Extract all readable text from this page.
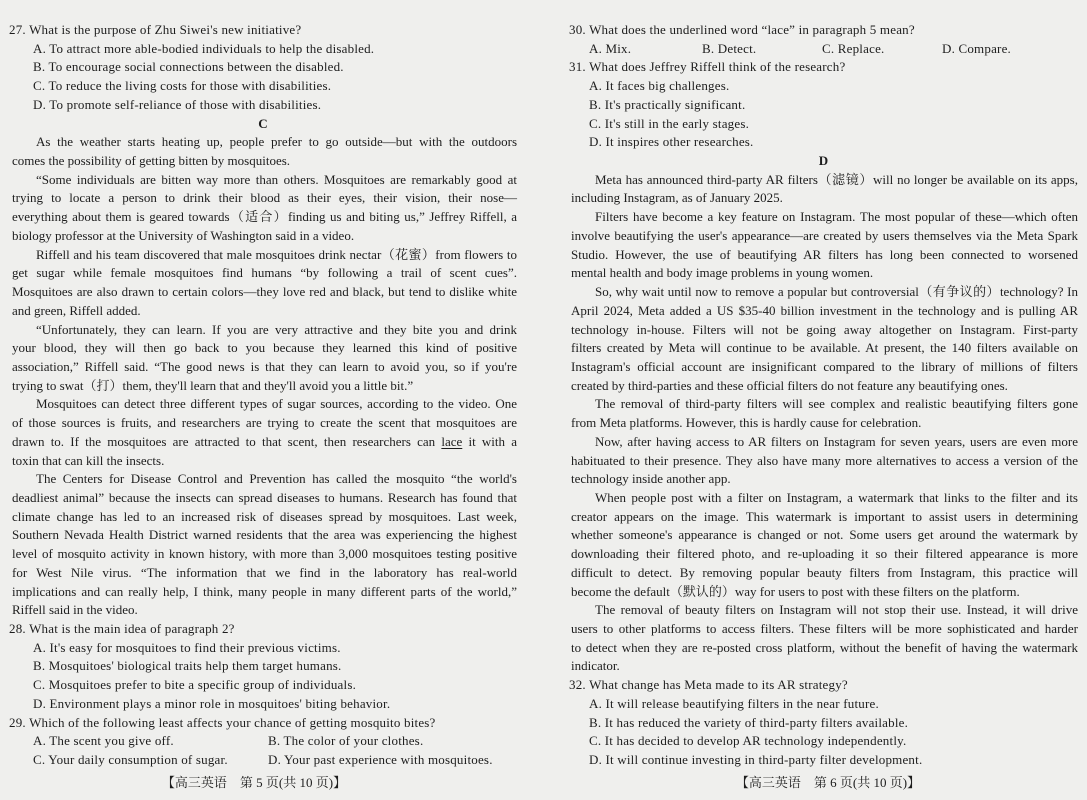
27. What is the purpose of Zhu Siwei's new initiative?
A. To attract more able-bodied individuals to help the disabled.
B. To encourage social connections between the disabled.
C. To reduce the living costs for those with disabilities.
D. To promote self-reliance of those with disabilities.
C
As the weather starts heating up, people prefer to go outside—but with the outdoors
comes the possibility of getting bitten by mosquitoes.
“Some individuals are bitten way more than others. Mosquitoes are remarkably good at
trying to locate a person to drink their blood as their eyes, their vision, their nose—
everything about them is geared towards（适合）finding us and biting us,” Jeffrey Riffell, a
biology professor at the University of Washington said in a video.
Riffell and his team discovered that male mosquitoes drink nectar（花蜜）from flowers to
get sugar while female mosquitoes find humans “by following a trail of scent cues”.
Mosquitoes are also drawn to certain colors—they love red and black, but tend to dislike white
and green, Riffell added.
“Unfortunately, they can learn. If you are very attractive and they bite you and drink
your blood, they will then go back to you because they learned this kind of positive
association,” Riffell said. “The good news is that they can learn to avoid you, so if you're
trying to swat（打）them, they'll learn that and they'll avoid you a little bit.”
Mosquitoes can detect three different types of sugar sources, according to the video. One
of those sources is fruits, and researchers are trying to create the scent that mosquitoes are
drawn to. If the mosquitoes are attracted to that scent, then researchers can lace it with a
toxin that can kill the insects.
The Centers for Disease Control and Prevention has called the mosquito “the world's
deadliest animal” because the insects can spread diseases to humans. Research has found that
climate change has led to an increased risk of diseases spread by mosquitoes. Last week,
Southern Nevada Health District warned residents that the area was experiencing the highest
level of mosquito activity in known history, with more than 3,000 mosquitoes testing positive
for West Nile virus. “The information that we find in the laboratory has real-world
implications and can really help, I think, many people in many different parts of the world,”
Riffell said in the video.
28. What is the main idea of paragraph 2?
A. It's easy for mosquitoes to find their previous victims.
B. Mosquitoes' biological traits help them target humans.
C. Mosquitoes prefer to bite a specific group of individuals.
D. Environment plays a minor role in mosquitoes' biting behavior.
29. Which of the following least affects your chance of getting mosquito bites?
A. The scent you give off.	B. The color of your clothes.
C. Your daily consumption of sugar.	D. Your past experience with mosquitoes.
【高三英语　第 5 页(共 10 页)】
30. What does the underlined word “lace” in paragraph 5 mean?
A. Mix.	B. Detect.	C. Replace.	D. Compare.
31. What does Jeffrey Riffell think of the research?
A. It faces big challenges.
B. It's practically significant.
C. It's still in the early stages.
D. It inspires other researches.
D
Meta has announced third-party AR filters（滤镜）will no longer be available on its apps,
including Instagram, as of January 2025.
Filters have become a key feature on Instagram. The most popular of these—which often
involve beautifying the user's appearance—are created by users themselves via the Meta Spark
Studio. However, the use of beautifying AR filters has long been connected to worsened
mental health and body image problems in young women.
So, why wait until now to remove a popular but controversial（有争议的）technology? In
April 2024, Meta added a US $35-40 billion investment in the technology and is pulling AR
technology in-house. Filters will not be going away altogether on Instagram. First-party
filters created by Meta will continue to be available. At present, the 140 filters available on
Instagram's official account are insignificant compared to the library of millions of filters
created by third-parties and these official filters do not feature any beautifying ones.
The removal of third-party filters will see complex and realistic beautifying filters gone
from Meta platforms. However, this is hardly cause for celebration.
Now, after having access to AR filters on Instagram for seven years, users are even more
habituated to their presence. They also have many more alternatives to access a version of the
technology inside another app.
When people post with a filter on Instagram, a watermark that links to the filter and its
creator appears on the image. This watermark is important to assist users in determining
whether someone's appearance is changed or not. Some users get around the watermark by
downloading their filtered photo, and re-uploading it so their filtered appearance is more
difficult to detect. By removing popular beauty filters from Instagram, this practice will
become the default（默认的）way for users to post with these filters on the platform.
The removal of beauty filters on Instagram will not stop their use. Instead, it will drive
users to other platforms to access filters. These filters will be more sophisticated and harder
to detect when they are re-posted cross platform, without the benefit of having the watermark
indicator.
32. What change has Meta made to its AR strategy?
A. It will release beautifying filters in the near future.
B. It has reduced the variety of third-party filters available.
C. It has decided to develop AR technology independently.
D. It will continue investing in third-party filter development.
【高三英语　第 6 页(共 10 页)】
